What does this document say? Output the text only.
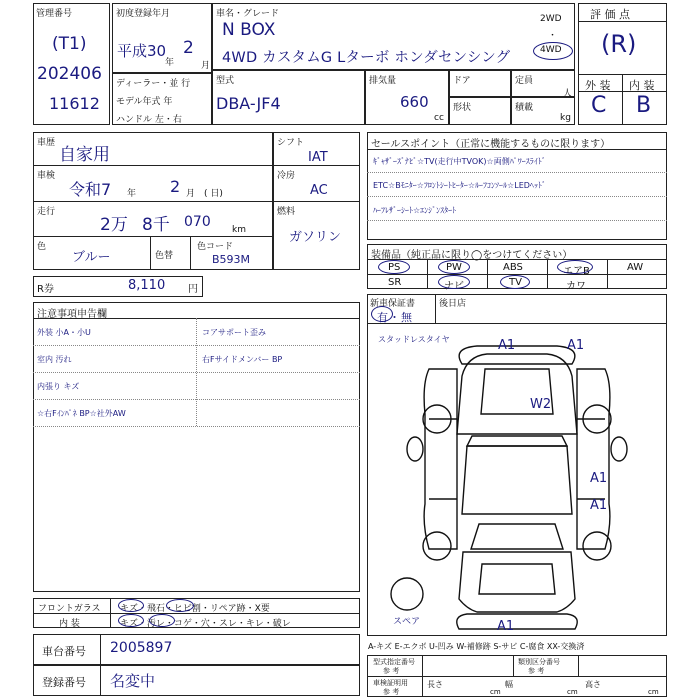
管理番号
(T1)
202406
11612
初度登録年月
平成30
年
2
月
ディーラー・並 行
モデル年式 年
ハンドル 左・右
車名・グレード
N BOX
4WD カスタムG Lターボ ホンダセンシング
2WD
・
4WD
型式
DBA-JF4
排気量
660
cc
ドア
形状
定員
人
積載
kg
評 価 点
(R)
外 装 内 装
C B
車歴
自家用
車検
令和7 年 2 月 ( 日)
走行
2万 8千 070 km
色
ブルー	色替
色コード
B593M
シフト
IAT
冷房
AC
燃料
ガソリン
R券	8,110 円
セールスポイント（正常に機能するものに限ります）
ｷﾞｬｻﾞｰｽﾞﾅﾋﾞ☆TV(走行中TVOK)☆両側ﾊﾟﾜｰｽﾗｲﾄﾞ
ETC☆Bﾓﾆﾀｰ☆ﾌﾛﾝﾄｼｰﾄﾋｰﾀｰ☆ﾙｰﾌｺﾝｿｰﾙ☆LEDﾍｯﾄﾞ
ﾊｰﾌﾚｻﾞｰｼｰﾄ☆ｴﾝｼﾞﾝｽﾀｰﾄ
装備品（純正品に限り◯をつけてください）
PS	PW	ABS	エアB	AW
SR	ナビ	TV	カワ
新車保証書	後日店
有 ・ 無
注意事項申告欄
外装 小A・小U	コアサポート歪み
室内 汚れ	右Fサイドメンバー BP
内張り キズ
☆右Fｲﾝﾊﾟﾈ BP☆社外AW
スタッドレスタイヤ	A1	A1
W2
A1
A1
A1
スペア
フロントガラス キズ・飛石・ヒビ割・リペア跡・X要
内 装	キズ・汚レ・コゲ・穴・スレ・キレ・破レ
車台番号 2005897
登録番号 名変中
A-キズ E-エクボ U-凹み W-補修跡 S-サビ C-腐食 XX-交換済
型式指定番号
参 考
類別区分番号
参 考
車検証明用
参 考
長さ
cm
幅
cm
高さ
cm
